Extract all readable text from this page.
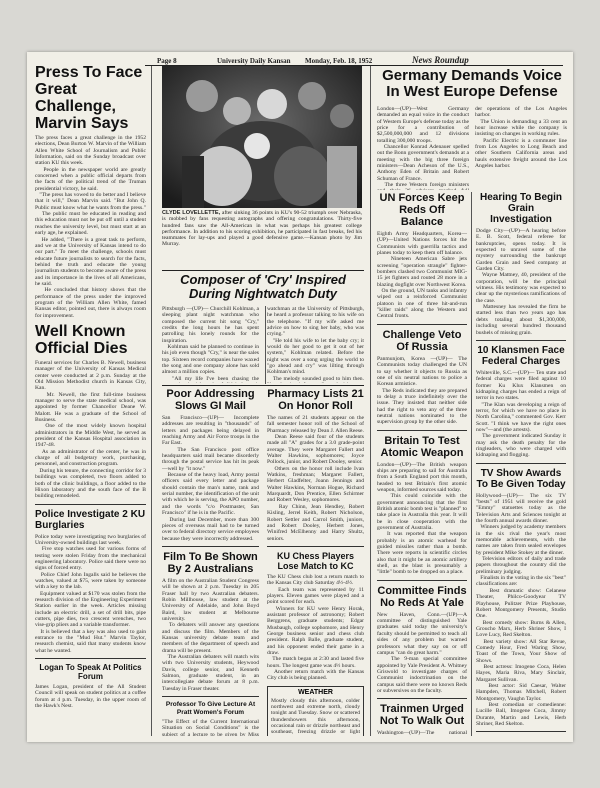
Page 8	University Daily Kansan Monday, Feb. 18, 1952	News Roundup
Press To Face Great Challenge, Marvin Says
The press faces a great challenge in the 1952 elections, Dean Burton W. Marvin of the William Allen White School of Journalism and Public Information, said on the Sunday broadcast over station KU this week.
People in the newspaper world are greatly concerned when a public official departs from the facts of the political trend of the Truman presidential victory, he said.
"The press has vowed to do better and I believe that it will," Dean Marvin said. "But John Q. Public must know what he wants from the press."
The public must be educated in reading and this education must not be put off until a student reaches the university level, but must start at an early age, he explained.
He added, "There is a great task to perform, and we at the University of Kansas intend to do our part." To meet the challenge, schools must educate future journalists to search for the facts, behind the truth and educate the young journalism students to become aware of the press and its importance in the lives of all Americans, he said.
He concluded that history shows that the performance of the press under the improved program of the William Allen White, famed Kansas editor, pointed out, there is always room for improvement.
Well Known Official Dies
Funeral services for Charles B. Newell, business manager of the University of Kansas Medical center were conducted at 2 p.m. Sunday at the Old Mission Methodist church in Kansas City, Kan.
Mr. Newell, the first full-time business manager to serve the state medical school, was appointed by former Chancellor Deane W. Malott. He was a graduate of the School of Business.
One of the most widely known hospital administrators in the Middle West, he served as president of the Kansas Hospital association in 1947-48.
As an administrator of the center, he was in charge of all budgetary work, purchasing, personnel, and construction program.
During his tenure, the connecting corridor for 3 buildings was completed, two floors added to both of the clinic buildings, a floor added to the Hixon laboratory and the south face of the B building remodeled.
Police Investigate 2 KU Burglaries
Police today were investigating two burglaries of University-owned buildings last week.
Five stop watches used for various forms of testing were stolen Friday from the mechanical engineering laboratory. Police said there were no signs of forced entry.
Police Chief John Ingalls said he believes the watches, valued at $75, were taken by someone with a key to the lab.
Equipment valued at $170 was stolen from the research division of the Engineering Experiment Station earlier in the week. Articles missing include an electric drill, a set of drill bits, pipe cutters, pipe dies, two crescent wrenches, two vise-grip pliers and a variable transformer.
It is believed that a key was also used to gain entrance to the "Mud Hut." Marvin Taylor, research chemist, said that many students know what he wanted.
Logan To Speak At Politics Forum
James Logan, president of the All Student Council will speak on student politics at a coffee forum at 4 p.m. Tuesday, in the upper room of the Hawk's Nest.
CLYDE LOVELLETTE, after sinking 36 points in KU's 90-52 triumph over Nebraska, is mobbed by fans requesting autographs and offering congratulations. Thirty-five hundred fans saw the All-American in what was perhaps his greatest college performance. In addition to his scoring exhibition, he participated in fast breaks, fed his teammates for lay-ups and played a good defensive game.—Kansan photo by Jim Murray.
Composer of 'Cry' Inspired During Nightwatch Duty
Pittsburgh —(UP)— Churchill Kohlman, a sleeping plant night watchman who composed the current hit song "Cry," credits the long hours he has spent patrolling his lonely rounds for the inspiration.
Kohlman said he planned to continue in his job even though "Cry," is near the sales top. Sixteen record companies have waxed the song and one company alone has sold almost a million copies.
"All my life I've been chasing the

watchman at the University of Pittsburgh, he heard a professor talking to his wife on the telephone. "If my wife asked me advice on how to sing her baby, who was crying."
"He told his wife to let the baby cry; it would do her good to get it out of her system," Kohlman related. Before the night was over a song urging the world to "go ahead and cry" was lilting through Kohlman's mind.
The melody sounded good to him then.

Poor Addressing Slows GI Mail
San Francisco—(UP)— Incomplete addresses are resulting in "thousands" of letters and packages being delayed in reaching Army and Air Force troops in the Far East.
The San Francisco post office headquarters said mail became disorderly through the postal service has hit its peak—well by "it now."
Because of the heavy load, Army postal officers said every letter and package should contain the man's name, rank and serial number, the identification of the unit with which he is serving, the APO number, and the words "c/o Postmaster, San Francisco" if he is in the Pacific.
During last December, more than 300 pieces of overseas mail had to be turned over to federal directory service employees because they were incorrectly addressed.
Film To Be Shown By 2 Australians
A film on the Australian Student Congress will be shown at 2 p.m. Tuesday in 205 Fraser hall by two Australian debaters. Robin Millhouse, law student at the University of Adelaide, and John Boyd Baird, law student at Melbourne university.
To debaters will answer any questions and discuss the film. Members of the Kansas university debate team and members of the department of speech and drama will be present.
The Australian debaters will match wits with two University students, Heywood Davis, college senior, and Kenneth Salmon, graduate student, in an intercollegiate debate forum at 8 p.m. Tuesday in Fraser theater.
Professor To Give Lecture At Pratt Women's Forum
"The Effect of the Current International Situation on Social Conditions" is the subject of a lecture to be given by Miss

Pharmacy Lists 21 On Honor Roll
The names of 21 students appear on the fall semester honor roll of the School of Pharmacy released by Dean J. Allen Reese.
Dean Reese said four of the students made all "A" grades for a 3.0 grade-point average. They were Margaret Fallert and Walter Hawkins, sophomores; Joyce Pollock, junior, and Robert Dooley, senior.
Others on the honor roll include Ivan Watkins, freshman; Margaret Fallert, Herbert Gladfelter, Joann Jennings and Walter Hawkins, Norman Hogue, Richard Marquardt, Don Prentice, Ellen Schirmer and Robert Wesley, sophomores.
Ray Chinn, Jean Hendley, Robert Kisling, Jerrel Keith, Robert Nicholson, Robert Settler and Carrol Smith, juniors, and Robert Dooley, Herbert Jones, Winifred McElhenny and Harry Shultz, seniors.
KU Chess Players Lose Match to KC
The KU Chess club lost a return match to the Kansas City club Saturday 4½-4½.
Each team was represented by 11 players. Eleven games were played and a point scored for each.
Winners for KU were Henry Horak, assistant professor of astronomy; Robert Berggrens, graduate students; Edgar Musbaugh, college sophomore, and Henry George business senior and chess club president. Ralph Balle, graduate student, and his opponent ended their game in a draw.
The match began at 2:30 and lasted five hours. The longest game was 4½ hours.
Another return match with the Kansas City club is being planned.
WEATHER
Mostly cloudy this afternoon, colder northwest and extreme north, cloudy tonight and Tuesday. Snow or scattered thundershowers this afternoon, occasional rain or drizzle northeast and southeast, freezing drizzle or light
Germany Demands Voice In West Europe Defense
London—(UP)—West Germany demanded an equal voice in the conduct of Western Europe's defense today as the price for a contribution of $2,500,000,000 and 12 divisions totalling 300,000 troops.
Chancellor Konrad Adenauer spelled out the Bonn government's demands at a meeting with the big three foreign ministers—Dean Acheson of the U.S., Anthony Eden of Britain and Robert Schuman of France.
The three Western foreign ministers
der operations of the Los Angeles harbor.
The Union is demanding a 33 cent an hour increase while the company is insisting on changes in working rules.
Pacific Electric is a commuter line from Los Angeles to Long Beach and other Southern California areas and hauls extensive freight around the Los Angeles harbor.
UN Forces Keep Reds Off Balance
Eighth Army Headquarters, Korea—(UP)—United Nations forces hit the Communists with guerrilla tactics and planes today to keep them off balance.
Nineteen American Sabre jets screening "operation strangle" fighter-bombers clashed two Communist MIG-15 jet fighters and routed 28 more in a blazing dogfight over Northwest Korea.
On the ground, UN tanks and infantry wiped out a reinforced Communist platoon in one of three hit-and-run "killer raids" along the Western and Central fronts.
Challenge Veto Of Russia
Panmunjom, Korea —(UP)— The Communists today challenged the UN to say whether it objects to Russia as one of six neutral nations to police a Korean armistice.
The Reds indicated they are prepared to delay a truce indefinitely over the issue. They insisted that neither side had the right to veto any of the three neutral nations nominated to the supervision group by the other side.
Britain To Test Atomic Weapon
London—(UP)—The British weapon ships are preparing to sail for Australia from a South England port this month, headed to test Britain's first atomic weapon, informed sources said today.
This could coincide with the government announcing that the first British atomic bomb test is "planned" to take place in Australia this year. It will be in close cooperation with the government of Australia.
It was reported that the weapon probably is an atomic warhead for guided missiles rather than a bomb. There were reports in scientific circles also that it might be an atomic artillery shell, as the blast is presumably a "little" bomb to be dropped on a place.
Committee Finds No Reds At Yale
New Haven, Conn.—(UP)—A committee of distinguished Yale graduates said today the university's faculty should be permitted to teach all sides of any problem but warned professors what they say on or off campus "can do great harm."
The 9-man special committee appointed by Yale President A. Whitney Griswold to investigate charges of Communist indoctrination on the campus said there were no known Reds or subversives on the faculty.
Trainmen Urged Not To Walk Out
Washington—(UP)—The national

Hearing To Begin Grain Investigation
Dodge City—(UP)—A hearing before E. B. Scott, federal referee for bankruptcies, opens today. It is expected to unravel some of the mystery surrounding the bankrupt Garden Grain and Seed company at Garden City.
Wayne Mattney, 40, president of the corporation, will be the principal witness. His testimony was expected to clear up the mysterious ramifications of the case.
Mattesney has revealed the firm he started less than two years ago has debts totaling about $1,300,000, including several hundred thousand bushels of missing grain.
10 Klansmen Face Federal Charges
Whiteville, S.C.—(UP)— Ten state and federal charges were filed against 10 former Ku Klux Klansmen on kidnaping charges has ended a reign of terror in two states.
"The Klan was developing a reign of terror, for which we have no place in North Carolina," commented Gov. Kerr Scott. "I think we have the right ones now"—and (the arrests).
The government indicated Sunday it may ask the death penalty for the ringleaders, who were charged with kidnaping and flogging.
TV Show Awards To Be Given Today
Hollywood—(UP)— The six TV "bests" of 1951 will receive the gold "Emmy" statuettes today as the Television Arts and Sciences tonight at the fourth annual awards dinner.
Winners judged by academy members in the six rival the year's most memorable achievements, with the names are taken from sealed envelopes by president Mike Stokey at the dinner.
Television editors of daily and trade papers throughout the country did the preliminary judging.
Finalists in the voting in the six "best" classifications are:
Best dramatic show: Celanese Theater, Philco-Goodyear TV Playhouse, Pulitzer Prize Playhouse, Robert Montgomery Presents, Studio One.
Best comedy show: Burns & Allen, Groucho Marx, Herb Shriner Show, I Love Lucy, Red Skelton.
Best variety show: All Star Revue, Comedy Hour, Fred Waring Show, Toast of the Town, Your Show of Shows.
Best actress: Imogene Coca, Helen Hayes, Maria Riva, Mary Sinclair, Margaret Sullivan.
Best actor: Sid Caesar, Walter Hampden, Thomas Mitchell, Robert Montgomery, Vaughn Taylor.
Best comedian or comedienne: Lucille Ball, Imogene Coca, Jimmy Durante, Martin and Lewis, Herb Shriner, Red Skelton.
